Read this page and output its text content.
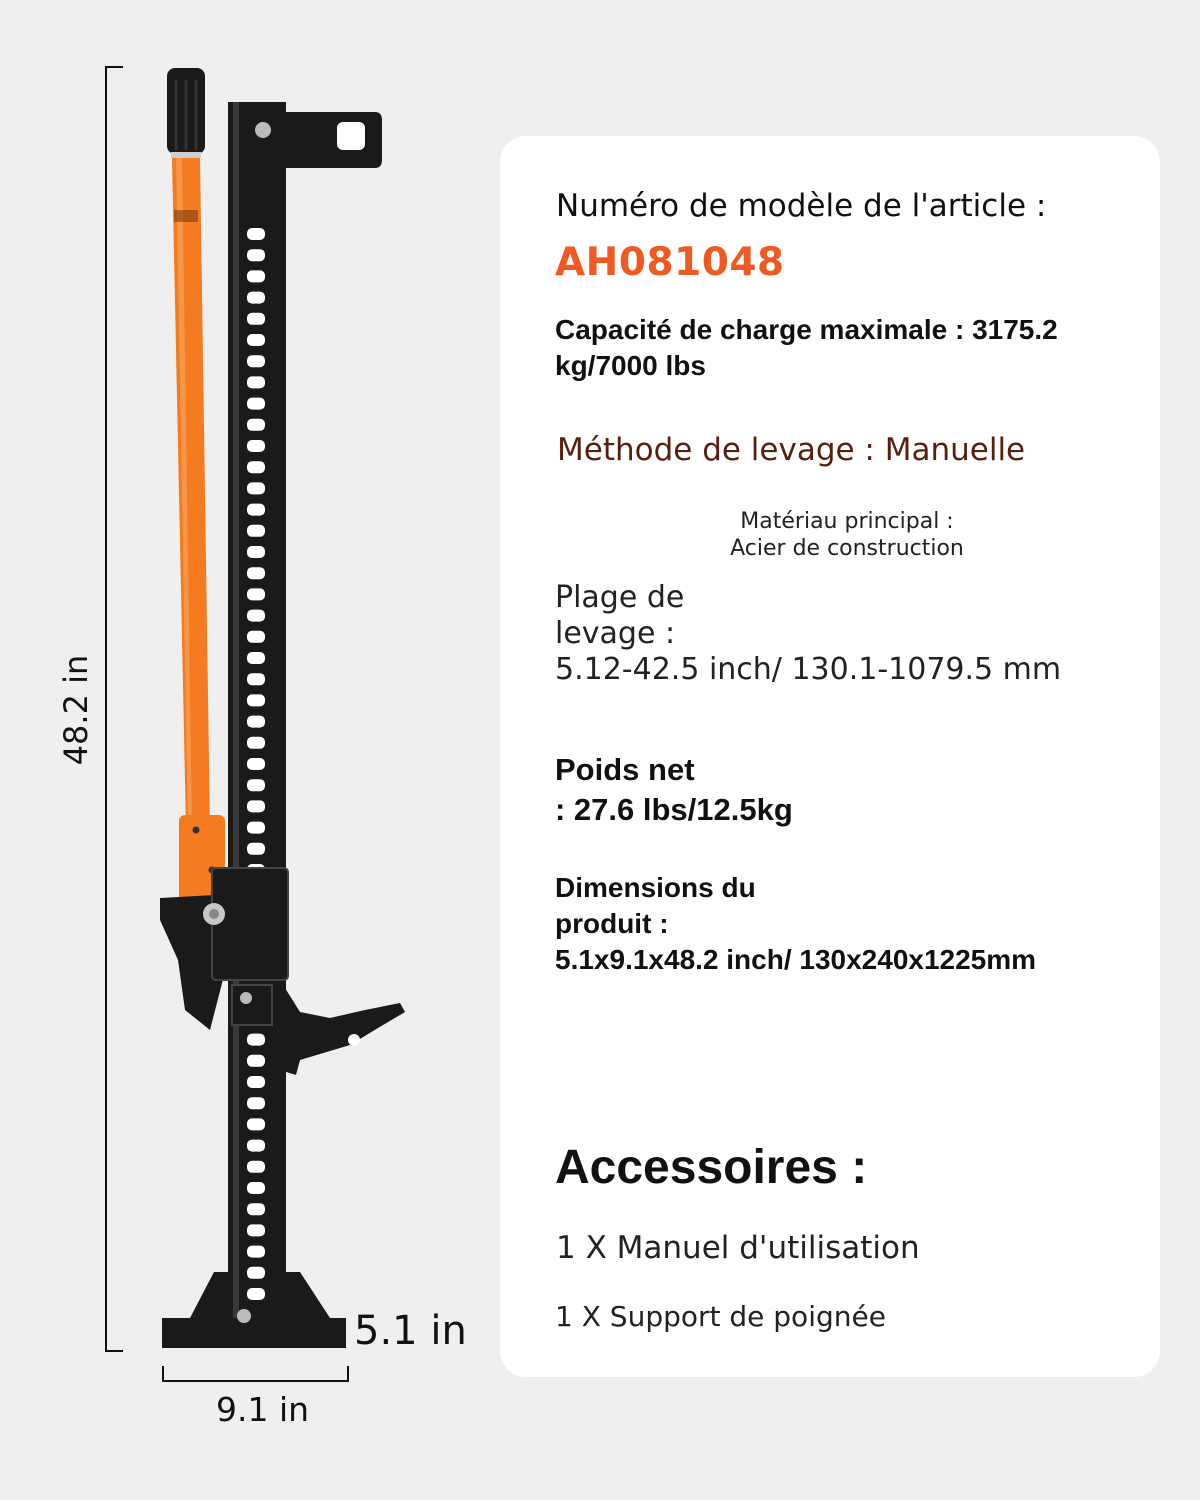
48.2 in
9.1 in
5.1 in
Numéro de modèle de l'article :
AH081048
Capacité de charge maximale : 3175.2
kg/7000 lbs
Méthode de levage : Manuelle
Matériau principal :
Acier de construction
Plage de
levage :
5.12-42.5 inch/ 130.1-1079.5 mm
Poids net
: 27.6 lbs/12.5kg
Dimensions du
produit :
5.1x9.1x48.2 inch/ 130x240x1225mm
Accessoires :
1 X Manuel d'utilisation
1 X Support de poignée
